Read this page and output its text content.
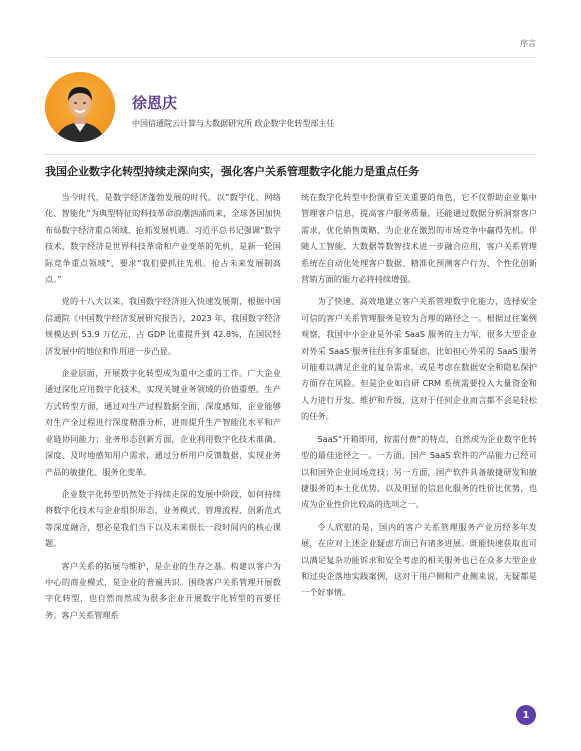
序言
徐恩庆
中国信通院云计算与大数据研究所 政企数字化转型部主任
我国企业数字化转型持续走深向实，强化客户关系管理数字化能力是重点任务

当今时代，是数字经济蓬勃发展的时代。以“数字化、网络化、智能化”为典型特征的科技革命浪潮汹涌而来，全球各国加快布局数字经济重点领域、抢抓发展机遇。习近平总书记强调“数字技术、数字经济是世界科技革命和产业变革的先机，是新一轮国际竞争重点领域”，要求“我们要抓住先机、抢占未来发展制高点。”

党的十八大以来，我国数字经济进入快速发展期，根据中国信通院《中国数字经济发展研究报告》，2023 年，我国数字经济规模达到 53.9 万亿元，占 GDP 比重提升到 42.8%，在国民经济发展中的地位和作用进一步凸显。

企业层面，开展数字化转型成为重中之重的工作。广大企业通过深化应用数字化技术，实现关键业务领域的价值重塑。生产方式转型方面，通过对生产过程数据全面、深度感知，企业能够对生产全过程进行深度精准分析，进而提升生产智能化水平和产业链协同能力；业务形态创新方面，企业利用数字化技术准确、深度、及时地感知用户需求，通过分析用户反馈数据，实现业务产品的敏捷化、服务化变革。

企业数字化转型仍然处于持续走深的发展中阶段，如何持续将数字化技术与企业组织形态、业务模式、管理流程、创新范式等深度融合，想必是我们当下以及未来很长一段时间内的核心课题。

客户关系的拓展与维护，是企业的生存之基。构建以客户为中心的商业模式，是企业的普遍共识。围绕客户关系管理开展数字化转型，也自然而然成为很多企业开展数字化转型的首要任务。客户关系管理系

统在数字化转型中扮演着至关重要的角色，它不仅帮助企业集中管理客户信息，提高客户服务质量，还能通过数据分析洞察客户需求，优化销售策略，为企业在激烈的市场竞争中赢得先机。伴随人工智能、大数据等数智技术进一步融合应用，客户关系管理系统在自动化处理客户数据、精准化预测客户行为、个性化创新营销方面的能力必将持续增强。

为了快速、高效地建立客户关系管理数字化能力，选择安全可信的客户关系管理服务是较为合理的路径之一。根据过往案例观察，我国中小企业是外采 SaaS 服务的主力军，很多大型企业对外采 SaaS 服务往往有多重疑虑，比如担心外采的 SaaS 服务可能难以满足企业的复杂需求，或是考虑在数据安全和隐私保护方面存在风险。但是企业如自研 CRM 系统需要投入大量资金和人力进行开发、维护和升级，这对于任何企业而言都不会是轻松的任务。

SaaS“开箱即用，按需付费”的特点，自然成为企业数字化转型的最佳途径之一。一方面，国产 SaaS 软件的产品能力已经可以和国外企业同场竞技；另一方面，国产软件具备敏捷研发和敏捷服务的本土化优势，以及明显的信息化服务的性价比优势，也成为企业性价比较高的选项之一。

令人欣慰的是，国内的客户关系管理服务产业历经多年发展，在应对上述企业疑虑方面已有诸多进展。既能快速获取也可以满足复杂功能诉求和安全考虑的相关服务也已在众多大型企业和过央企落地实践案例，这对于用户侧和产业侧来说，无疑都是一个好事情。

1
